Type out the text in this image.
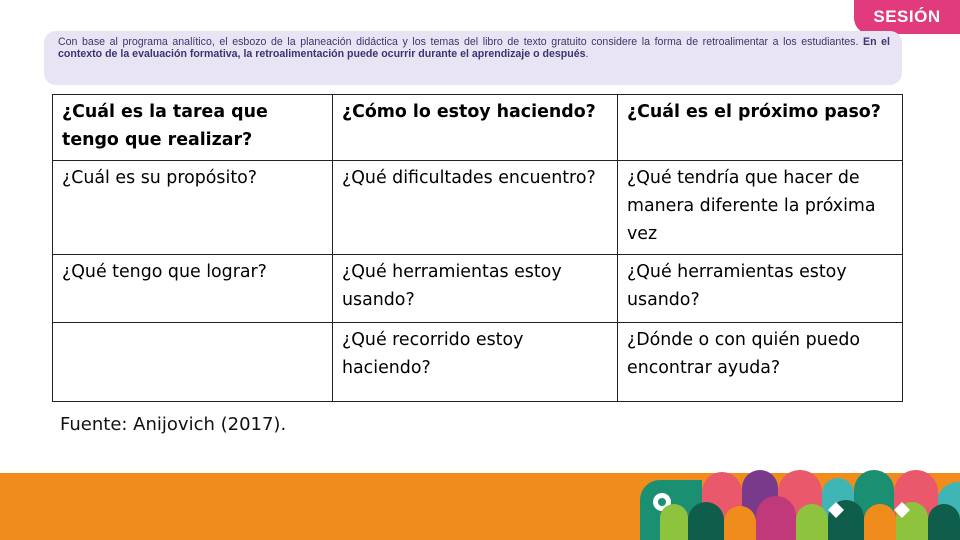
SESIÓN
Con base al programa analítico, el esbozo de la planeación didáctica y los temas del libro de texto gratuito considere la forma de retroalimentar a los estudiantes. En el contexto de la evaluación formativa, la retroalimentación puede ocurrir durante el aprendizaje o después.
¿Cuál es la tarea que tengo que realizar?	¿Cómo lo estoy haciendo?	¿Cuál es el próximo paso?
¿Cuál es su propósito?	¿Qué dificultades encuentro?	¿Qué tendría que hacer de manera diferente la próxima vez
¿Qué tengo que lograr?	¿Qué herramientas estoy usando?	¿Qué herramientas estoy usando?
	¿Qué recorrido estoy haciendo?	¿Dónde o con quién puedo encontrar ayuda?
Fuente: Anijovich (2017).
